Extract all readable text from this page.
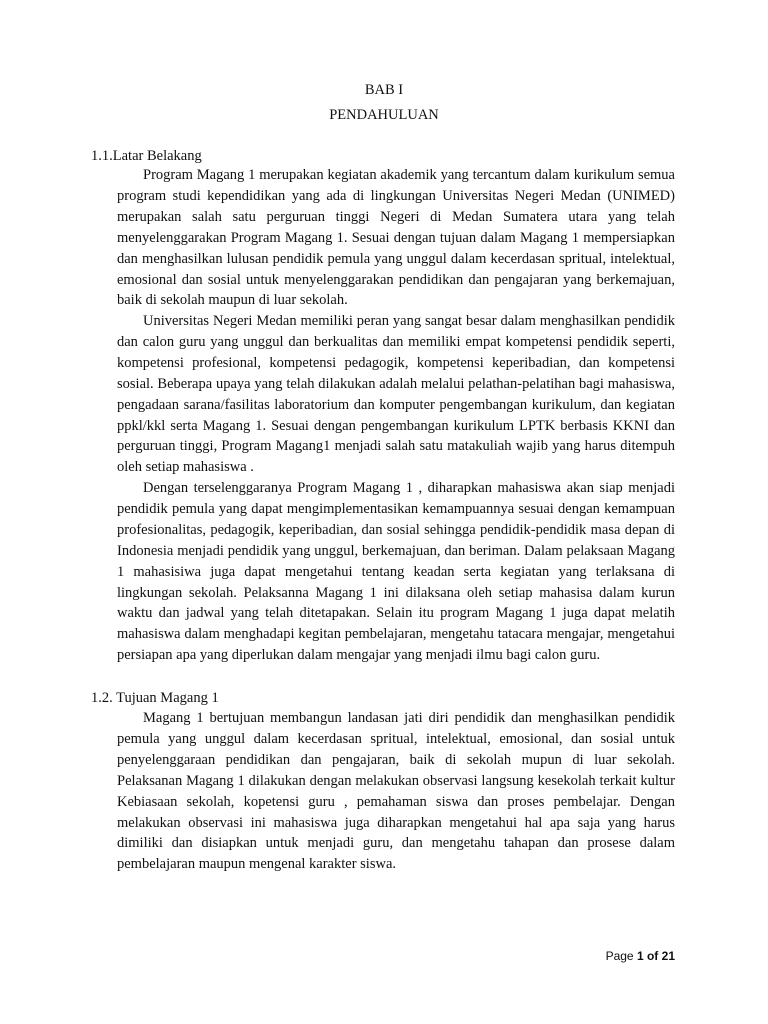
BAB I
PENDAHULUAN
1.1.Latar Belakang

Program Magang 1 merupakan kegiatan akademik yang tercantum dalam kurikulum semua program studi kependidikan yang ada di lingkungan Universitas Negeri Medan (UNIMED) merupakan salah satu perguruan tinggi Negeri di Medan Sumatera utara yang telah menyelenggarakan Program Magang 1. Sesuai dengan tujuan dalam Magang 1 mempersiapkan dan menghasilkan lulusan pendidik pemula yang unggul dalam kecerdasan spritual, intelektual, emosional dan sosial untuk menyelenggarakan pendidikan dan pengajaran yang berkemajuan, baik di sekolah maupun di luar sekolah.

Universitas Negeri Medan memiliki peran yang sangat besar dalam menghasilkan pendidik dan calon guru yang unggul dan berkualitas dan memiliki empat kompetensi pendidik seperti, kompetensi profesional, kompetensi pedagogik, kompetensi keperibadian, dan kompetensi sosial. Beberapa upaya yang telah dilakukan adalah melalui pelathan-pelatihan bagi mahasiswa, pengadaan sarana/fasilitas laboratorium dan komputer pengembangan kurikulum, dan kegiatan ppkl/kkl serta Magang 1. Sesuai dengan pengembangan kurikulum LPTK berbasis KKNI dan perguruan tinggi, Program Magang1 menjadi salah satu matakuliah wajib yang harus ditempuh oleh setiap mahasiswa .

Dengan terselenggaranya Program Magang 1 , diharapkan mahasiswa akan siap menjadi pendidik pemula yang dapat mengimplementasikan kemampuannya sesuai dengan kemampuan profesionalitas, pedagogik, keperibadian, dan sosial sehingga pendidik-pendidik masa depan di Indonesia menjadi pendidik yang unggul, berkemajuan, dan beriman. Dalam pelaksaan Magang 1 mahasisiwa juga dapat mengetahui tentang keadan serta kegiatan yang terlaksana di lingkungan sekolah. Pelaksanna Magang 1 ini dilaksana oleh setiap mahasisa dalam kurun waktu dan jadwal yang telah ditetapakan. Selain itu program Magang 1 juga dapat melatih mahasiswa dalam menghadapi kegitan pembelajaran, mengetahu tatacara mengajar, mengetahui persiapan apa yang diperlukan dalam mengajar yang menjadi ilmu bagi calon guru.

1.2. Tujuan Magang 1

Magang 1 bertujuan membangun landasan jati diri pendidik dan menghasilkan pendidik pemula yang unggul dalam kecerdasan spritual, intelektual, emosional, dan sosial untuk penyelenggaraan pendidikan dan pengajaran, baik di sekolah mupun di luar sekolah. Pelaksanan Magang 1 dilakukan dengan melakukan observasi langsung kesekolah terkait kultur Kebiasaan sekolah, kopetensi guru , pemahaman siswa dan proses pembelajar. Dengan melakukan observasi ini mahasiswa juga diharapkan mengetahui hal apa saja yang harus dimiliki dan disiapkan untuk menjadi guru, dan mengetahu tahapan dan prosese dalam pembelajaran maupun mengenal karakter siswa.

Page 1 of 21
